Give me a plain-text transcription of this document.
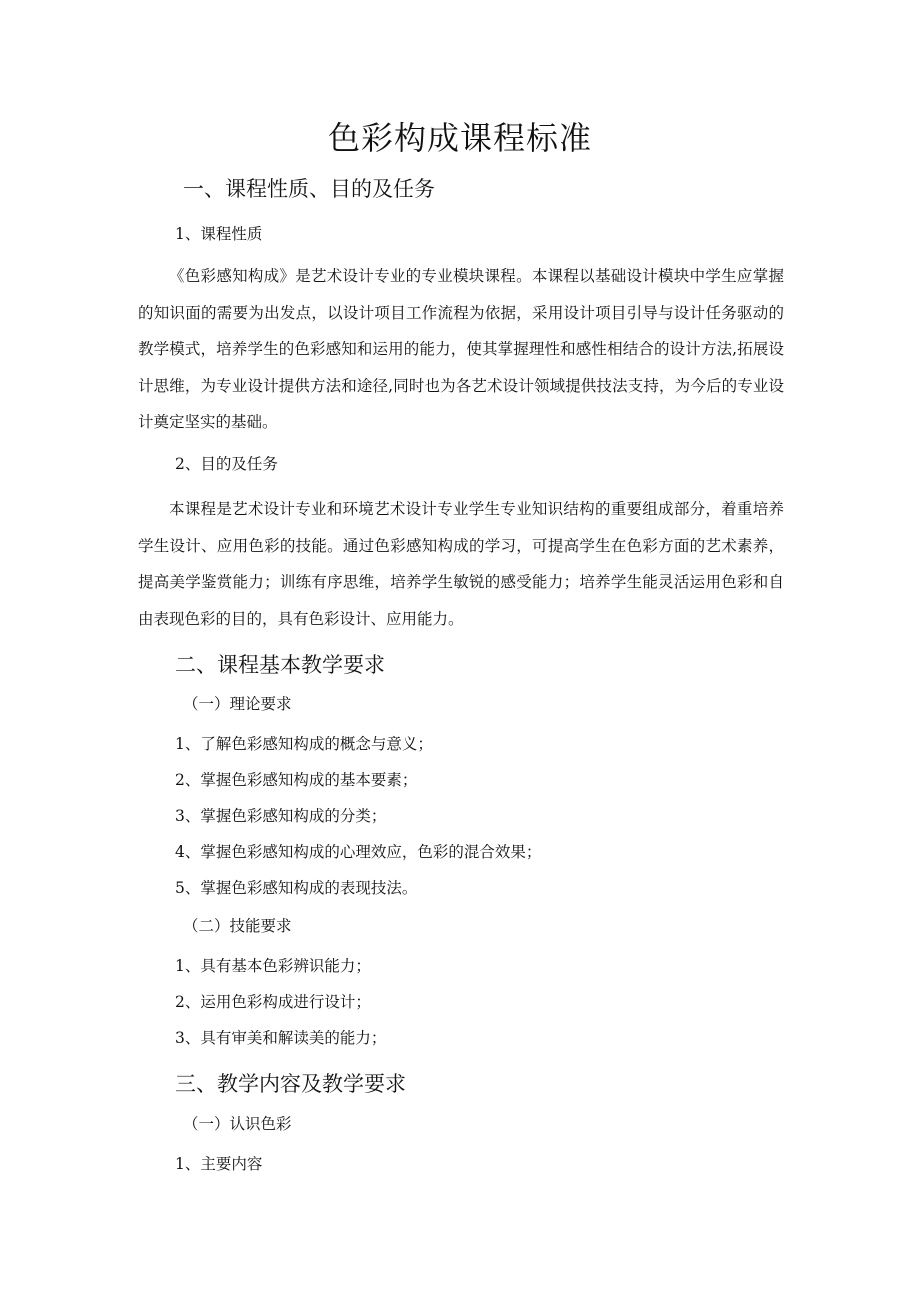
色彩构成课程标准
一、课程性质、目的及任务
1、课程性质

《色彩感知构成》是艺术设计专业的专业模块课程。本课程以基础设计模块中学生应掌握的知识面的需要为出发点，以设计项目工作流程为依据，采用设计项目引导与设计任务驱动的教学模式，培养学生的色彩感知和运用的能力，使其掌握理性和感性相结合的设计方法,拓展设计思维，为专业设计提供方法和途径,同时也为各艺术设计领域提供技法支持，为今后的专业设计奠定坚实的基础。

2、目的及任务

本课程是艺术设计专业和环境艺术设计专业学生专业知识结构的重要组成部分，着重培养学生设计、应用色彩的技能。通过色彩感知构成的学习，可提高学生在色彩方面的艺术素养，提高美学鉴赏能力；训练有序思维，培养学生敏锐的感受能力；培养学生能灵活运用色彩和自由表现色彩的目的，具有色彩设计、应用能力。

二、课程基本教学要求
（一）理论要求
1、了解色彩感知构成的概念与意义；
2、掌握色彩感知构成的基本要素；
3、掌握色彩感知构成的分类；
4、掌握色彩感知构成的心理效应，色彩的混合效果；
5、掌握色彩感知构成的表现技法。
（二）技能要求
1、具有基本色彩辨识能力；
2、运用色彩构成进行设计；
3、具有审美和解读美的能力；
三、教学内容及教学要求
（一）认识色彩
1、主要内容
